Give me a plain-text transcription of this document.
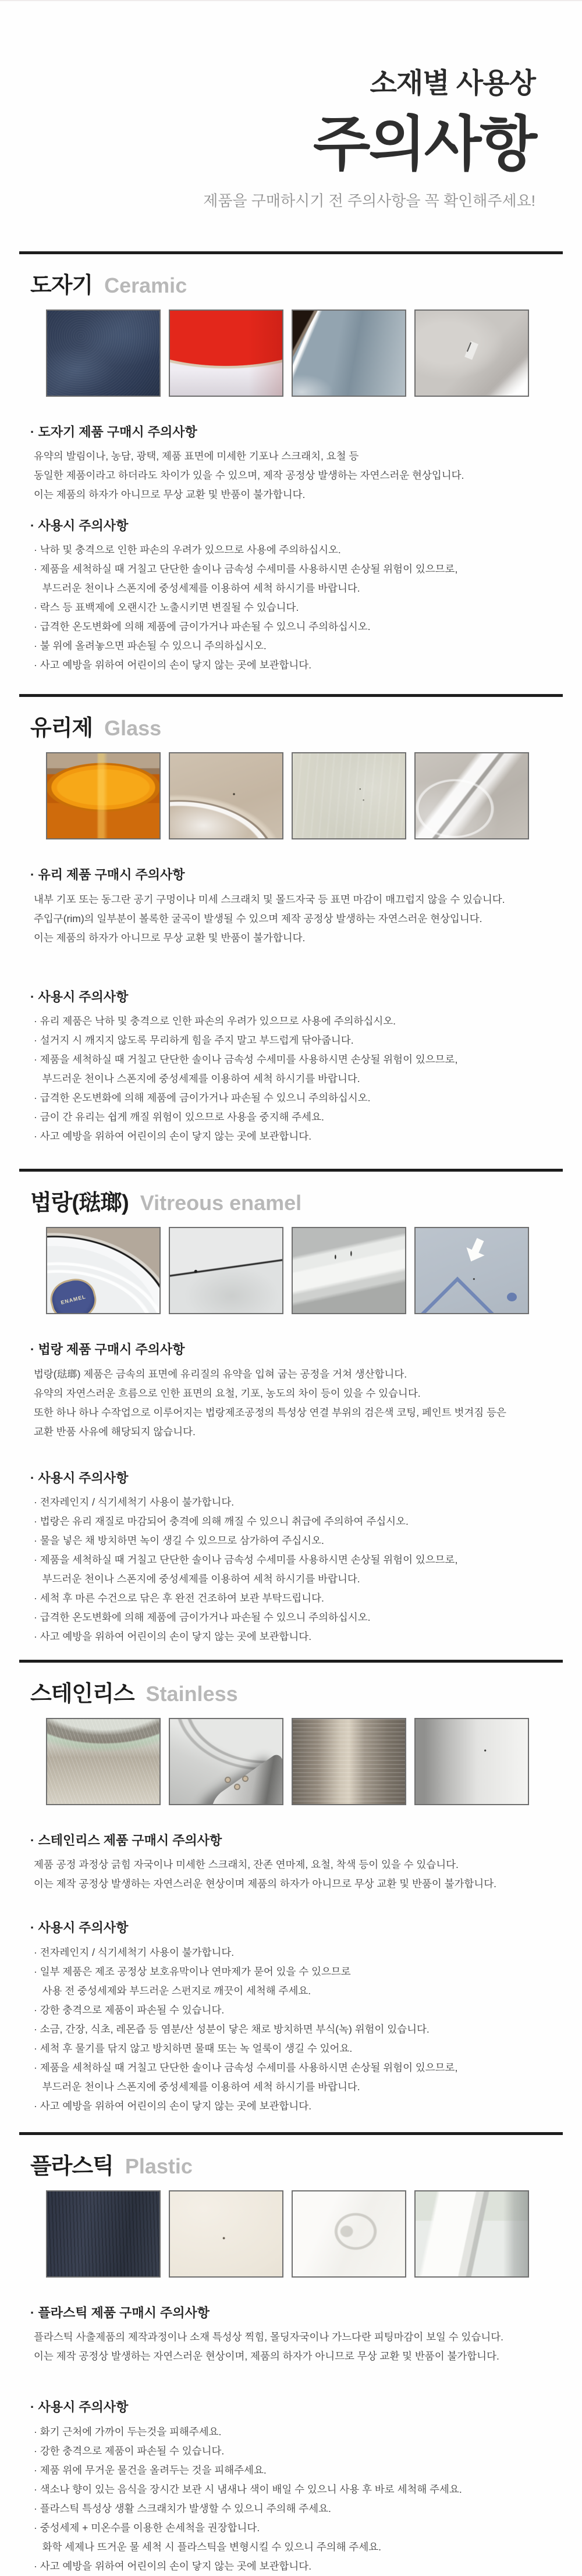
소재별 사용상
주의사항
제품을 구매하시기 전 주의사항을 꼭 확인해주세요!
도자기 Ceramic
· 도자기 제품 구매시 주의사항
유약의 발림이나, 농담, 광택, 제품 표면에 미세한 기포나 스크래치, 요철 등
동일한 제품이라고 하더라도 차이가 있을 수 있으며, 제작 공정상 발생하는 자연스러운 현상입니다.
이는 제품의 하자가 아니므로 무상 교환 및 반품이 불가합니다.
· 사용시 주의사항
· 낙하 및 충격으로 인한 파손의 우려가 있으므로 사용에 주의하십시오.
· 제품을 세척하실 때 거칠고 단단한 솔이나 금속성 수세미를 사용하시면 손상될 위험이 있으므로,
부드러운 천이나 스폰지에 중성세제를 이용하여 세척 하시기를 바랍니다.
· 락스 등 표백제에 오랜시간 노출시키면 변질될 수 있습니다.
· 급격한 온도변화에 의해 제품에 금이가거나 파손될 수 있으니 주의하십시오.
· 불 위에 올려놓으면 파손될 수 있으니 주의하십시오.
· 사고 예방을 위하여 어린이의 손이 닿지 않는 곳에 보관합니다.
유리제 Glass
· 유리 제품 구매시 주의사항
내부 기포 또는 동그란 공기 구멍이나 미세 스크래치 및 몰드자국 등 표면 마감이 매끄럽지 않을 수 있습니다.
주입구(rim)의 일부분이 볼록한 굴곡이 발생될 수 있으며 제작 공정상 발생하는 자연스러운 현상입니다.
이는 제품의 하자가 아니므로 무상 교환 및 반품이 불가합니다.
· 사용시 주의사항
· 유리 제품은 낙하 및 충격으로 인한 파손의 우려가 있으므로 사용에 주의하십시오.
· 설거지 시 깨지지 않도록 무리하게 힘을 주지 말고 부드럽게 닦아줍니다.
· 제품을 세척하실 때 거칠고 단단한 솔이나 금속성 수세미를 사용하시면 손상될 위험이 있으므로,
부드러운 천이나 스폰지에 중성세제를 이용하여 세척 하시기를 바랍니다.
· 급격한 온도변화에 의해 제품에 금이가거나 파손될 수 있으니 주의하십시오.
· 금이 간 유리는 쉽게 깨질 위험이 있으므로 사용을 중지해 주세요.
· 사고 예방을 위하여 어린이의 손이 닿지 않는 곳에 보관합니다.
법랑(琺瑯) Vitreous enamel
ENAMEL
· 법랑 제품 구매시 주의사항
법랑(琺瑯) 제품은 금속의 표면에 유리질의 유약을 입혀 굽는 공정을 거쳐 생산합니다.
유약의 자연스러운 흐름으로 인한 표면의 요철, 기포, 농도의 차이 등이 있을 수 있습니다.
또한 하나 하나 수작업으로 이루어지는 법랑제조공정의 특성상 연결 부위의 검은색 코팅, 페인트 벗겨짐 등은
교환 반품 사유에 해당되지 않습니다.
· 사용시 주의사항
· 전자레인지 / 식기세척기 사용이 불가합니다.
· 법랑은 유리 재질로 마감되어 충격에 의해 깨질 수 있으니 취급에 주의하여 주십시오.
· 물을 넣은 채 방치하면 녹이 생길 수 있으므로 삼가하여 주십시오.
· 제품을 세척하실 때 거칠고 단단한 솔이나 금속성 수세미를 사용하시면 손상될 위험이 있으므로,
부드러운 천이나 스폰지에 중성세제를 이용하여 세척 하시기를 바랍니다.
· 세척 후 마른 수건으로 닦은 후 완전 건조하여 보관 부탁드립니다.
· 급격한 온도변화에 의해 제품에 금이가거나 파손될 수 있으니 주의하십시오.
· 사고 예방을 위하여 어린이의 손이 닿지 않는 곳에 보관합니다.
스테인리스 Stainless
· 스테인리스 제품 구매시 주의사항
제품 공정 과정상 긁힘 자국이나 미세한 스크래치, 잔존 연마제, 요철, 착색 등이 있을 수 있습니다.
이는 제작 공정상 발생하는 자연스러운 현상이며 제품의 하자가 아니므로 무상 교환 및 반품이 불가합니다.
· 사용시 주의사항
· 전자레인지 / 식기세척기 사용이 불가합니다.
· 일부 제품은 제조 공정상 보호유막이나 연마제가 묻어 있을 수 있으므로
사용 전 중성세제와 부드러운 스펀지로 깨끗이 세척해 주세요.
· 강한 충격으로 제품이 파손될 수 있습니다.
· 소금, 간장, 식초, 레몬즙 등 염분/산 성분이 닿은 채로 방치하면 부식(녹) 위험이 있습니다.
· 세척 후 물기를 닦지 않고 방치하면 물때 또는 녹 얼룩이 생길 수 있어요.
· 제품을 세척하실 때 거칠고 단단한 솔이나 금속성 수세미를 사용하시면 손상될 위험이 있으므로,
부드러운 천이나 스폰지에 중성세제를 이용하여 세척 하시기를 바랍니다.
· 사고 예방을 위하여 어린이의 손이 닿지 않는 곳에 보관합니다.
플라스틱 Plastic
· 플라스틱 제품 구매시 주의사항
플라스틱 사출제품의 제작과정이나 소재 특성상 찍힘, 몰딩자국이나 가느다란 피팅마감이 보일 수 있습니다.
이는 제작 공정상 발생하는 자연스러운 현상이며, 제품의 하자가 아니므로 무상 교환 및 반품이 불가합니다.
· 사용시 주의사항
· 화기 근처에 가까이 두는것을 피해주세요.
· 강한 충격으로 제품이 파손될 수 있습니다.
· 제품 위에 무거운 물건을 올려두는 것을 피해주세요.
· 색소나 향이 있는 음식을 장시간 보관 시 냄새나 색이 배일 수 있으니 사용 후 바로 세척해 주세요.
· 플라스틱 특성상 생활 스크래치가 발생할 수 있으니 주의해 주세요.
· 중성세제 + 미온수를 이용한 손세척을 권장합니다.
화학 세제나 뜨거운 물 세척 시 플라스틱을 변형시킬 수 있으니 주의해 주세요.
· 사고 예방을 위하여 어린이의 손이 닿지 않는 곳에 보관합니다.
